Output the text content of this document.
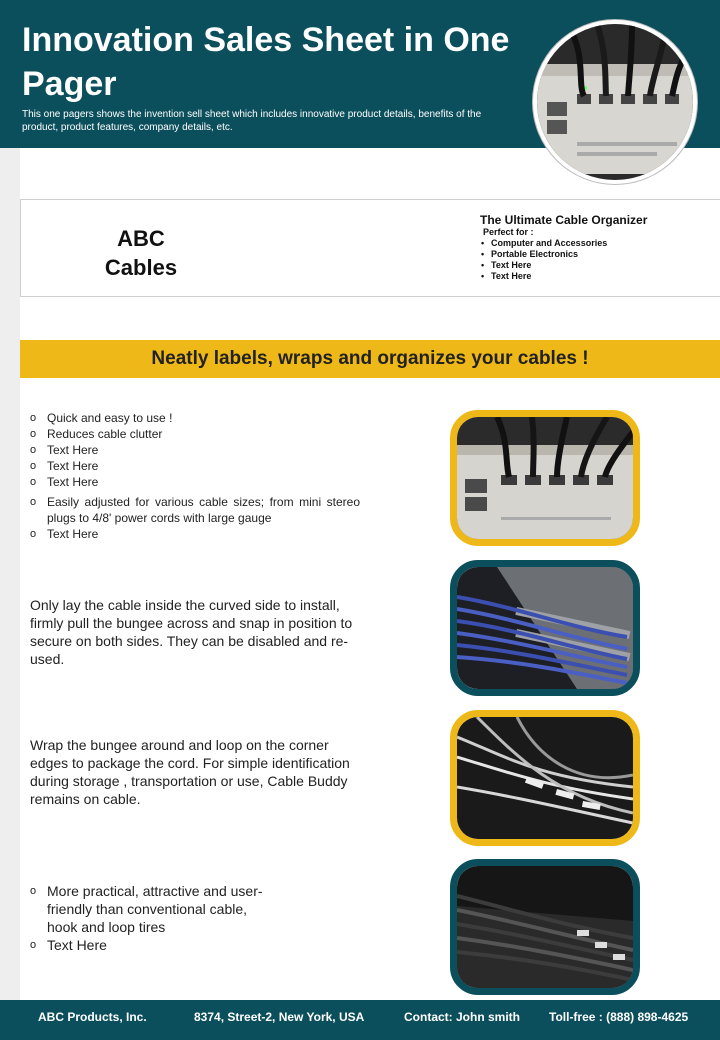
Innovation Sales Sheet in One Pager

This one pagers shows the invention sell sheet which includes innovative product details, benefits of the product, product features, company details, etc.

ABC Cables
The Ultimate Cable Organizer
Perfect for :
• Computer and Accessories
• Portable Electronics
• Text Here
• Text Here
Neatly labels, wraps and organizes your cables !
o Quick and easy to use !
o Reduces cable clutter
o Text Here
o Text Here
o Text Here
o Easily adjusted for various cable sizes; from mini stereo plugs to 4/8' power cords with large gauge
o Text Here
Only lay the cable inside the curved side to install, firmly pull the bungee across and snap in position to secure on both sides. They can be disabled and re-used.
Wrap the bungee around and loop on the corner edges to package the cord. For simple identification during storage , transportation or use, Cable Buddy remains on cable.
o More practical, attractive and user-friendly than conventional cable, hook and loop tires
o Text Here
ABC Products, Inc.	8374, Street-2, New York, USA	Contact: John smith Toll-free : (888) 898-4625
